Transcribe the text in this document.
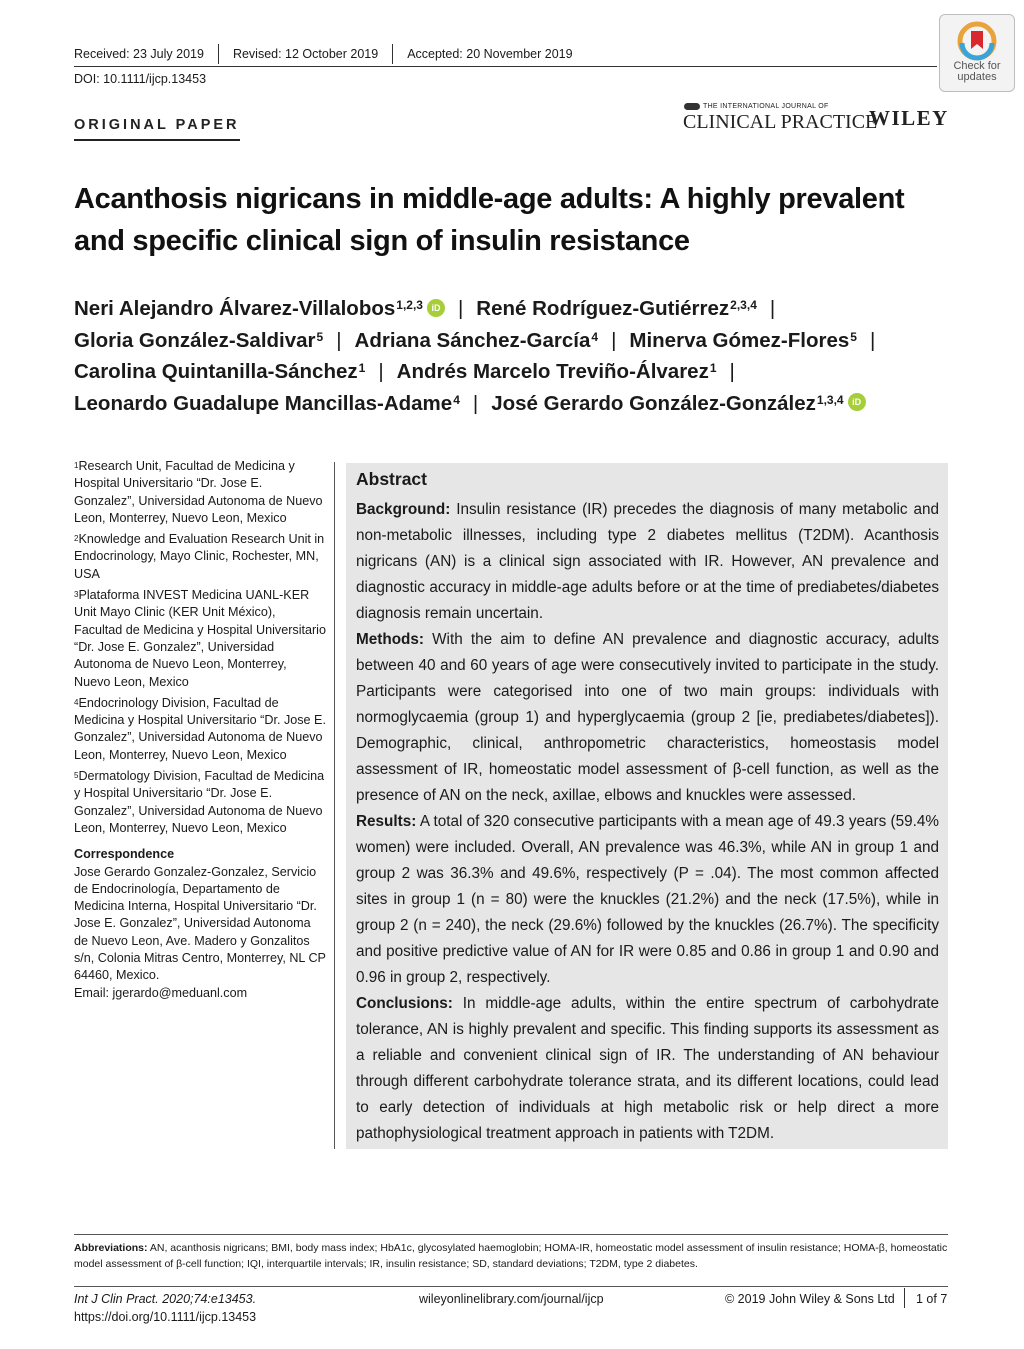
Received: 23 July 2019 Revised: 12 October 2019 Accepted: 20 November 2019
DOI: 10.1111/ijcp.13453
Check for
updates
ORIGINAL PAPER
THE INTERNATIONAL JOURNAL OF
CLINICAL PRACTICE
WILEY
Acanthosis nigricans in middle-age adults: A highly prevalent and specific clinical sign of insulin resistance
Neri Alejandro Álvarez-Villalobos$^{1,2,3}$ iD | René Rodríguez-Gutiérrez$^{2,3,4}$ |
Gloria González-Saldivar$^5$ | Adriana Sánchez-García$^4$ | Minerva Gómez-Flores$^5$ |
Carolina Quintanilla-Sánchez$^1$ | Andrés Marcelo Treviño-Álvarez$^1$ |
Leonardo Guadalupe Mancillas-Adame$^4$ | José Gerardo González-González$^{1,3,4}$ iD
$^1$Research Unit, Facultad de Medicina y Hospital Universitario “Dr. Jose E. Gonzalez”, Universidad Autonoma de Nuevo Leon, Monterrey, Nuevo Leon, Mexico
$^2$Knowledge and Evaluation Research Unit in Endocrinology, Mayo Clinic, Rochester, MN, USA
$^3$Plataforma INVEST Medicina UANL-KER Unit Mayo Clinic (KER Unit México), Facultad de Medicina y Hospital Universitario “Dr. Jose E. Gonzalez”, Universidad Autonoma de Nuevo Leon, Monterrey, Nuevo Leon, Mexico
$^4$Endocrinology Division, Facultad de Medicina y Hospital Universitario “Dr. Jose E. Gonzalez”, Universidad Autonoma de Nuevo Leon, Monterrey, Nuevo Leon, Mexico
$^5$Dermatology Division, Facultad de Medicina y Hospital Universitario “Dr. Jose E. Gonzalez”, Universidad Autonoma de Nuevo Leon, Monterrey, Nuevo Leon, Mexico
Correspondence
Jose Gerardo Gonzalez-Gonzalez, Servicio de Endocrinología, Departamento de Medicina Interna, Hospital Universitario “Dr. Jose E. Gonzalez”, Universidad Autonoma de Nuevo Leon, Ave. Madero y Gonzalitos s/n, Colonia Mitras Centro, Monterrey, NL CP 64460, Mexico.
Email: jgerardo@meduanl.com
Abstract

Background: Insulin resistance (IR) precedes the diagnosis of many metabolic and non-metabolic illnesses, including type 2 diabetes mellitus (T2DM). Acanthosis nigricans (AN) is a clinical sign associated with IR. However, AN prevalence and diagnostic accuracy in middle-age adults before or at the time of prediabetes/diabetes diagnosis remain uncertain.

Methods: With the aim to define AN prevalence and diagnostic accuracy, adults between 40 and 60 years of age were consecutively invited to participate in the study. Participants were categorised into one of two main groups: individuals with normoglycaemia (group 1) and hyperglycaemia (group 2 [ie, prediabetes/diabetes]). Demographic, clinical, anthropometric characteristics, homeostasis model assessment of IR, homeostatic model assessment of β-cell function, as well as the presence of AN on the neck, axillae, elbows and knuckles were assessed.

Results: A total of 320 consecutive participants with a mean age of 49.3 years (59.4% women) were included. Overall, AN prevalence was 46.3%, while AN in group 1 and group 2 was 36.3% and 49.6%, respectively (P = .04). The most common affected sites in group 1 (n = 80) were the knuckles (21.2%) and the neck (17.5%), while in group 2 (n = 240), the neck (29.6%) followed by the knuckles (26.7%). The specificity and positive predictive value of AN for IR were 0.85 and 0.86 in group 1 and 0.90 and 0.96 in group 2, respectively.

Conclusions: In middle-age adults, within the entire spectrum of carbohydrate tolerance, AN is highly prevalent and specific. This finding supports its assessment as a reliable and convenient clinical sign of IR. The understanding of AN behaviour through different carbohydrate tolerance strata, and its different locations, could lead to early detection of individuals at high metabolic risk or help direct a more pathophysiological treatment approach in patients with T2DM.

Abbreviations: AN, acanthosis nigricans; BMI, body mass index; HbA1c, glycosylated haemoglobin; HOMA-IR, homeostatic model assessment of insulin resistance; HOMA-β, homeostatic model assessment of β-cell function; IQI, interquartile intervals; IR, insulin resistance; SD, standard deviations; T2DM, type 2 diabetes.
Int J Clin Pract. 2020;74:e13453.
https://doi.org/10.1111/ijcp.13453
wileyonlinelibrary.com/journal/ijcp	© 2019 John Wiley & Sons Ltd 1 of 7
